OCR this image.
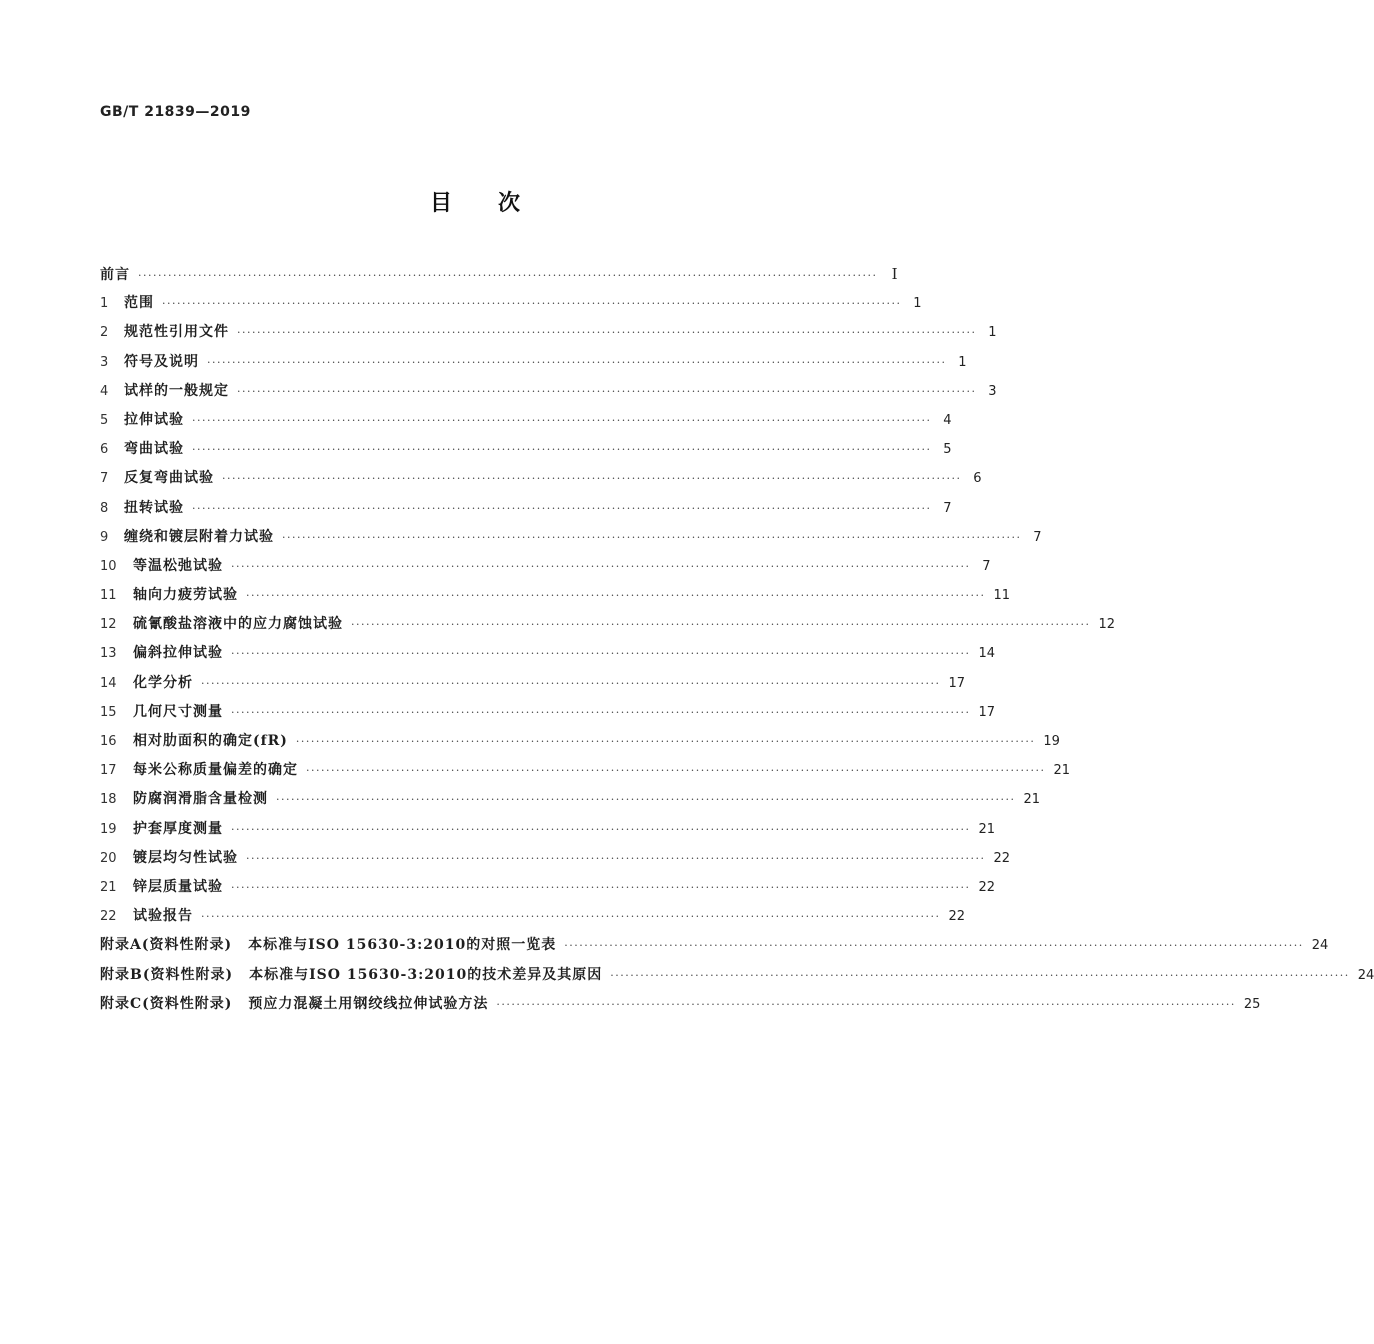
GB/T 21839—2019
目次
前言 ···················································································································································· I
1	范围 ···················································································································································· 1
2	规范性引用文件 ···················································································································································· 1
3	符号及说明 ···················································································································································· 1
4	试样的一般规定 ···················································································································································· 3
5	拉伸试验 ···················································································································································· 4
6	弯曲试验 ···················································································································································· 5
7	反复弯曲试验 ···················································································································································· 6
8	扭转试验 ···················································································································································· 7
9	缠绕和镀层附着力试验 ···················································································································································· 7
10	等温松弛试验 ···················································································································································· 7
11	轴向力疲劳试验 ···················································································································································· 11
12	硫氰酸盐溶液中的应力腐蚀试验 ···················································································································································· 12
13	偏斜拉伸试验 ···················································································································································· 14
14	化学分析 ···················································································································································· 17
15	几何尺寸测量 ···················································································································································· 17
16	相对肋面积的确定(fR) ···················································································································································· 19
17	每米公称质量偏差的确定 ···················································································································································· 21
18	防腐润滑脂含量检测 ···················································································································································· 21
19	护套厚度测量 ···················································································································································· 21
20	镀层均匀性试验 ···················································································································································· 22
21	锌层质量试验 ···················································································································································· 22
22	试验报告 ···················································································································································· 22
附录A(资料性附录) 本标准与ISO 15630-3:2010的对照一览表 ···················································································································································· 24
附录B(资料性附录) 本标准与ISO 15630-3:2010的技术差异及其原因 ···················································································································································· 24
附录C(资料性附录) 预应力混凝土用钢绞线拉伸试验方法 ···················································································································································· 25
